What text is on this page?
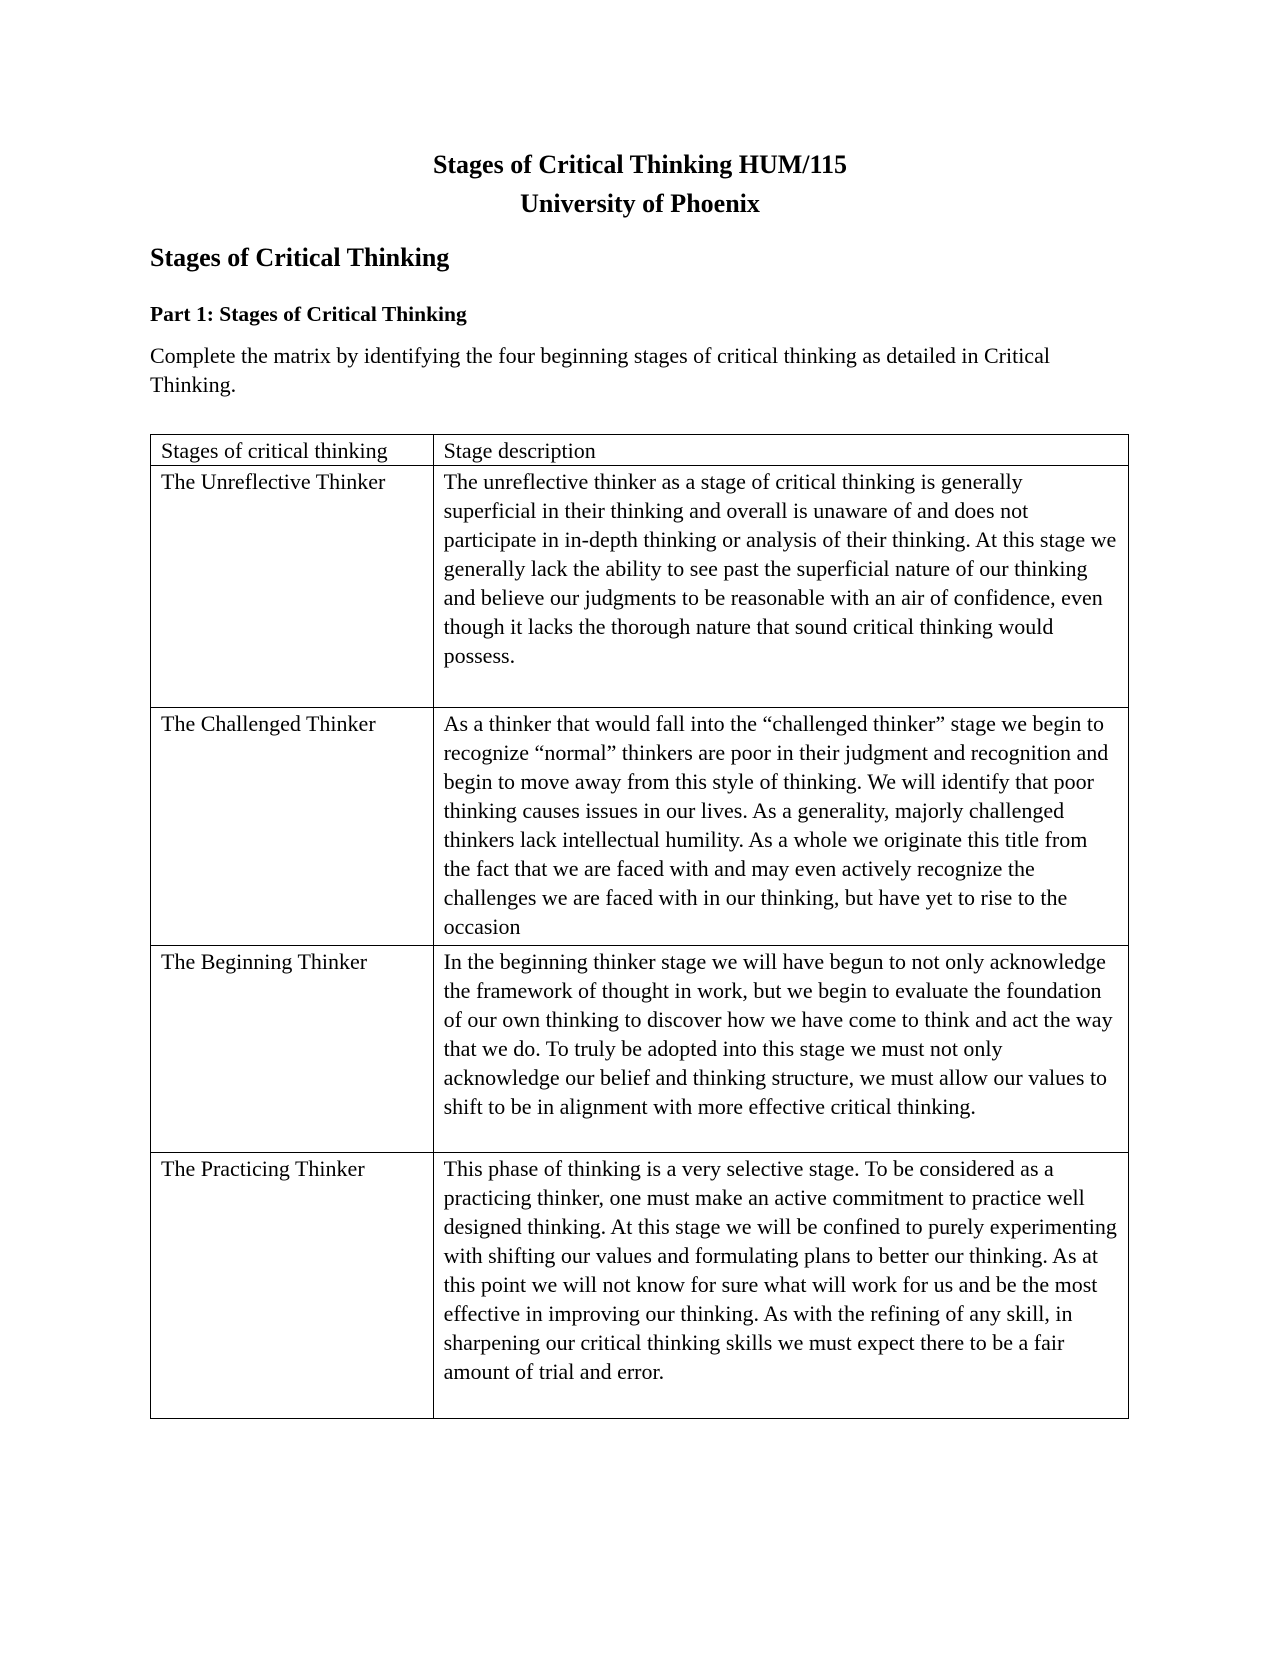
Stages of Critical Thinking HUM/115
University of Phoenix
Stages of Critical Thinking
Part 1: Stages of Critical Thinking

Complete the matrix by identifying the four beginning stages of critical thinking as detailed in Critical Thinking.

Stages of critical thinking	Stage description
The Unreflective Thinker	The unreflective thinker as a stage of critical thinking is generally superficial in their thinking and overall is unaware of and does not participate in in-depth thinking or analysis of their thinking. At this stage we generally lack the ability to see past the superficial nature of our thinking and believe our judgments to be reasonable with an air of confidence, even though it lacks the thorough nature that sound critical thinking would possess.
The Challenged Thinker	As a thinker that would fall into the “challenged thinker” stage we begin to recognize “normal” thinkers are poor in their judgment and recognition and begin to move away from this style of thinking. We will identify that poor thinking causes issues in our lives. As a generality, majorly challenged thinkers lack intellectual humility. As a whole we originate this title from the fact that we are faced with and may even actively recognize the challenges we are faced with in our thinking, but have yet to rise to the occasion
The Beginning Thinker	In the beginning thinker stage we will have begun to not only acknowledge the framework of thought in work, but we begin to evaluate the foundation of our own thinking to discover how we have come to think and act the way that we do. To truly be adopted into this stage we must not only acknowledge our belief and thinking structure, we must allow our values to shift to be in alignment with more effective critical thinking.
The Practicing Thinker	This phase of thinking is a very selective stage. To be considered as a practicing thinker, one must make an active commitment to practice well designed thinking. At this stage we will be confined to purely experimenting with shifting our values and formulating plans to better our thinking. As at this point we will not know for sure what will work for us and be the most effective in improving our thinking. As with the refining of any skill, in sharpening our critical thinking skills we must expect there to be a fair amount of trial and error.
